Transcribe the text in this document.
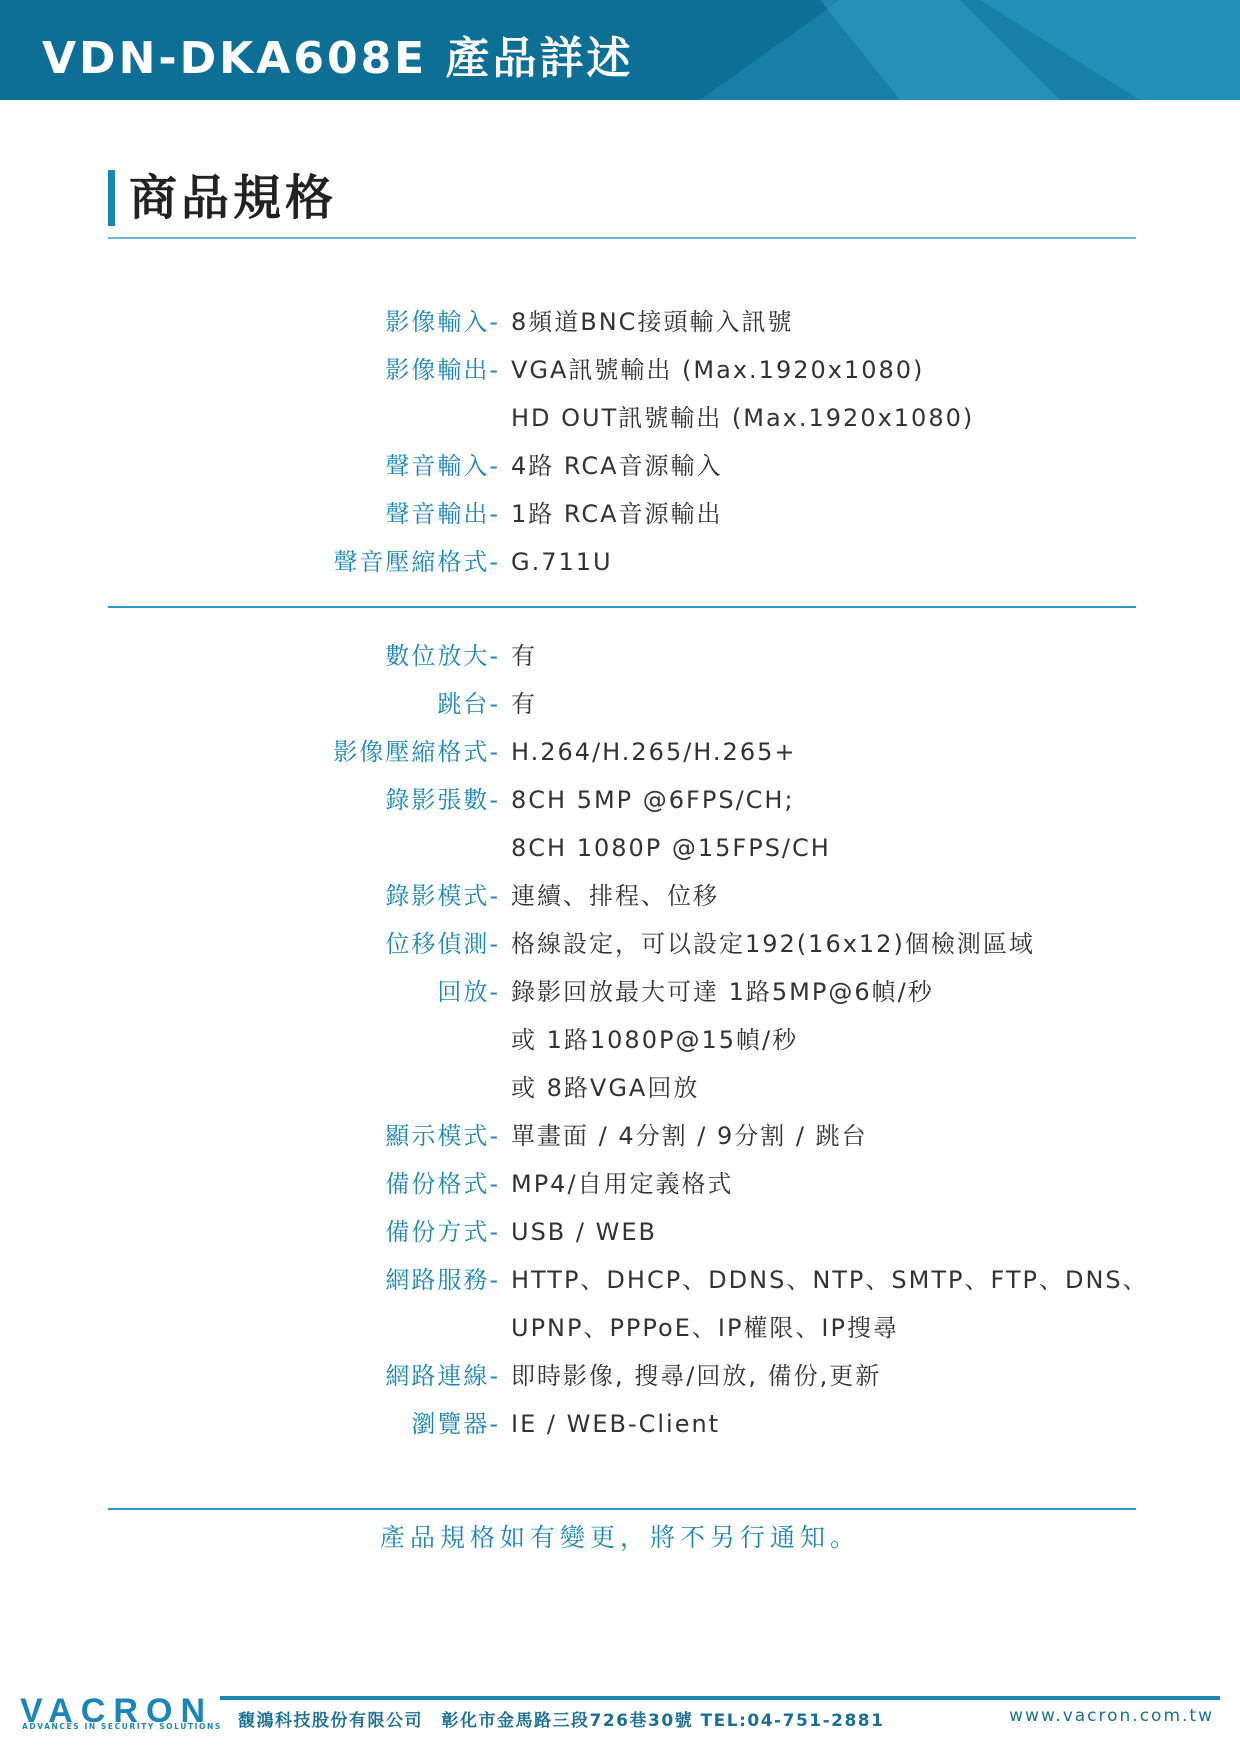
VDN-DKA608E 產品詳述
商品規格
影像輸入- 8頻道BNC接頭輸入訊號
影像輸出- VGA訊號輸出 (Max.1920x1080)
HD OUT訊號輸出 (Max.1920x1080)
聲音輸入- 4路 RCA音源輸入
聲音輸出- 1路 RCA音源輸出
聲音壓縮格式- G.711U
數位放大- 有
跳台- 有
影像壓縮格式- H.264/H.265/H.265+
錄影張數- 8CH 5MP @6FPS/CH;
8CH 1080P @15FPS/CH
錄影模式- 連續、排程、位移
位移偵測- 格線設定，可以設定192(16x12)個檢測區域
回放- 錄影回放最大可達 1路5MP@6幀/秒
或 1路1080P@15幀/秒
或 8路VGA回放
顯示模式- 單畫面 / 4分割 / 9分割 / 跳台
備份格式- MP4/自用定義格式
備份方式- USB / WEB
網路服務- HTTP、DHCP、DDNS、NTP、SMTP、FTP、DNS、
UPNP、PPPoE、IP權限、IP搜尋
網路連線- 即時影像, 搜尋/回放, 備份,更新
瀏覽器- IE / WEB-Client
產品規格如有變更，將不另行通知。
VACRON
ADVANCES IN SECURITY SOLUTIONS 馥鴻科技股份有限公司　彰化市金馬路三段726巷30號 TEL:04-751-2881	www.vacron.com.tw
